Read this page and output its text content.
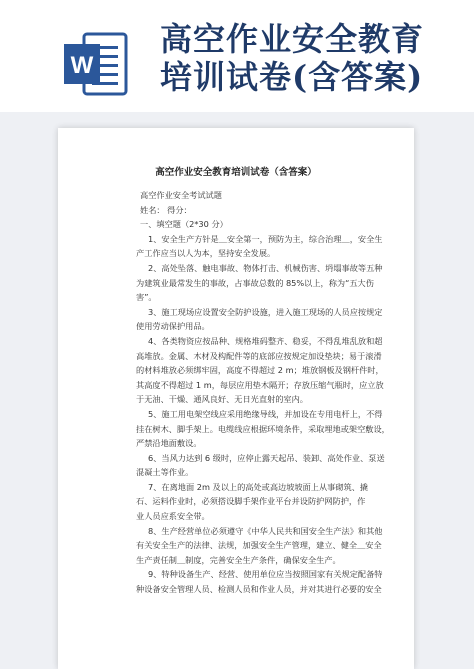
W
高空作业安全教育
培训试卷(含答案)
高空作业安全教育培训试卷（含答案）
高空作业安全考试试题
姓名： 得分：
一、填空题（2*30 分）
1、安全生产方针是＿安全第一，预防为主，综合治理＿，安全生
产工作应当以人为本，坚持安全发展。
2、高处坠落、触电事故、物体打击、机械伤害、坍塌事故等五种
为建筑业最常发生的事故，占事故总数的 85%以上，称为“五大伤
害”。
3、施工现场应设置安全防护设施，进入施工现场的人员应按规定
使用劳动保护用品。
4、各类物资应按品种、规格堆码整齐、稳妥，不得乱堆乱放和超
高堆放。金属、木材及构配件等的底部应按规定加设垫块；易于滚滑
的材料堆放必须绑牢固，高度不得超过 2 m；堆放钢板及钢杆件时，
其高度不得超过 1 m，每层应用垫木隔开；存放压缩气瓶时，应立放
于无油、干燥、通风良好、无日光直射的室内。
5、施工用电架空线应采用绝缘导线，并加设在专用电杆上，不得
挂在树木、脚手架上。电缆线应根据环境条件，采取埋地或架空敷设，
严禁沿地面敷设。
6、当风力达到 6 级时，应停止露天起吊、装卸、高处作业、泵送
混凝土等作业。
7、在离地面 2m 及以上的高处或高边坡坡面上从事砌筑、撬
石、运料作业时，必须搭设脚手架作业平台并设防护网防护，作
业人员应系安全带。
8、生产经营单位必须遵守《中华人民共和国安全生产法》和其他
有关安全生产的法律、法规，加强安全生产管理，建立、健全＿安全
生产责任制＿制度，完善安全生产条件，确保安全生产。
9、特种设备生产、经营、使用单位应当按照国家有关规定配备特
种设备安全管理人员、检测人员和作业人员，并对其进行必要的安全
